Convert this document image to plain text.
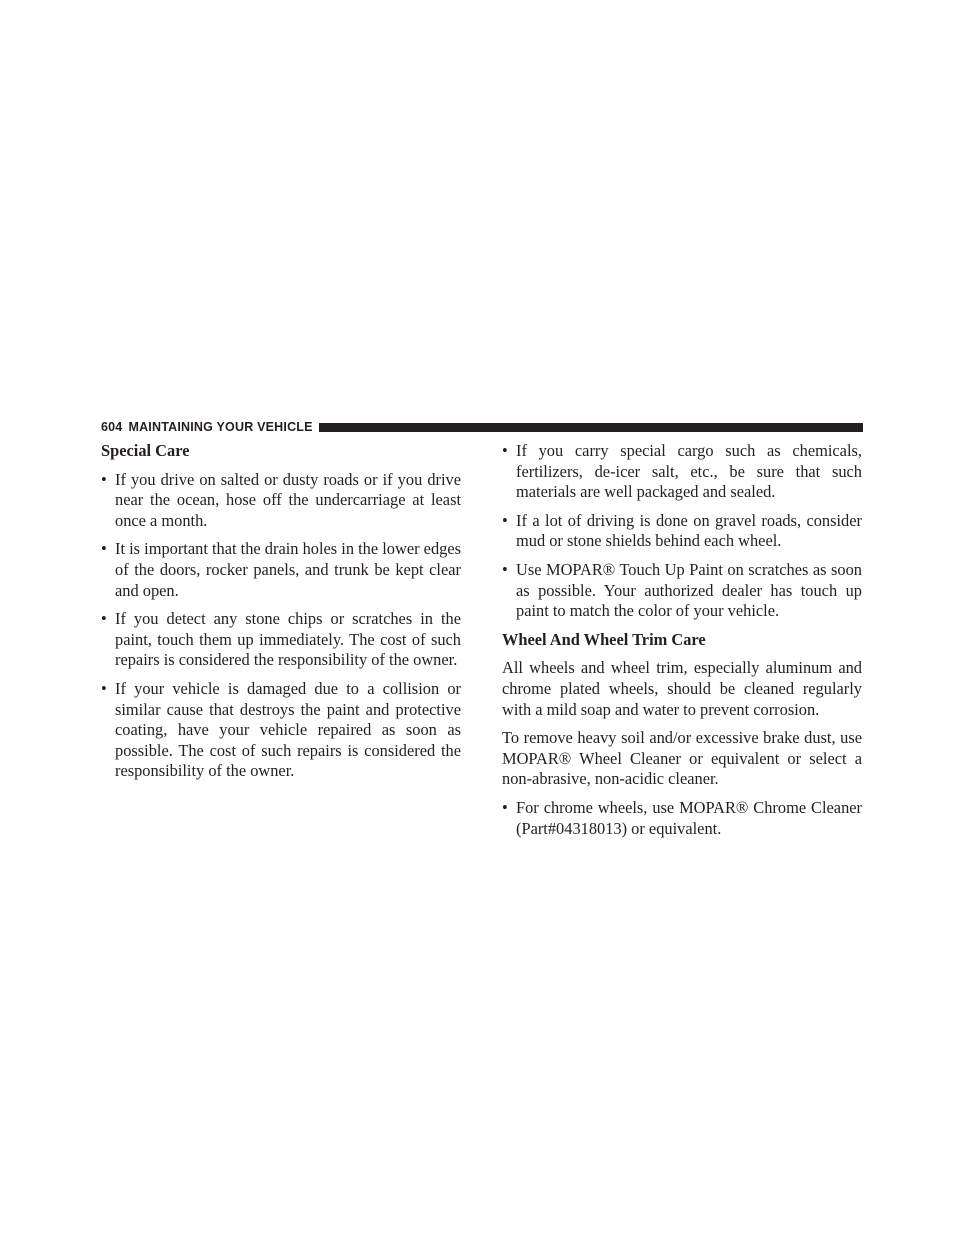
604 MAINTAINING YOUR VEHICLE
Special Care
• If you drive on salted or dusty roads or if you drive near the ocean, hose off the undercarriage at least once a month.
• It is important that the drain holes in the lower edges of the doors, rocker panels, and trunk be kept clear and open.
• If you detect any stone chips or scratches in the paint, touch them up immediately. The cost of such repairs is considered the responsibility of the owner.
• If your vehicle is damaged due to a collision or similar cause that destroys the paint and protective coating, have your vehicle repaired as soon as possible. The cost of such repairs is considered the responsibility of the owner.
• If you carry special cargo such as chemicals, fertilizers, de-icer salt, etc., be sure that such materials are well packaged and sealed.
• If a lot of driving is done on gravel roads, consider mud or stone shields behind each wheel.
• Use MOPAR® Touch Up Paint on scratches as soon as possible. Your authorized dealer has touch up paint to match the color of your vehicle.
Wheel And Wheel Trim Care

All wheels and wheel trim, especially aluminum and chrome plated wheels, should be cleaned regularly with a mild soap and water to prevent corrosion.

To remove heavy soil and/or excessive brake dust, use MOPAR® Wheel Cleaner or equivalent or select a non-abrasive, non-acidic cleaner.

• For chrome wheels, use MOPAR® Chrome Cleaner (Part#04318013) or equivalent.
